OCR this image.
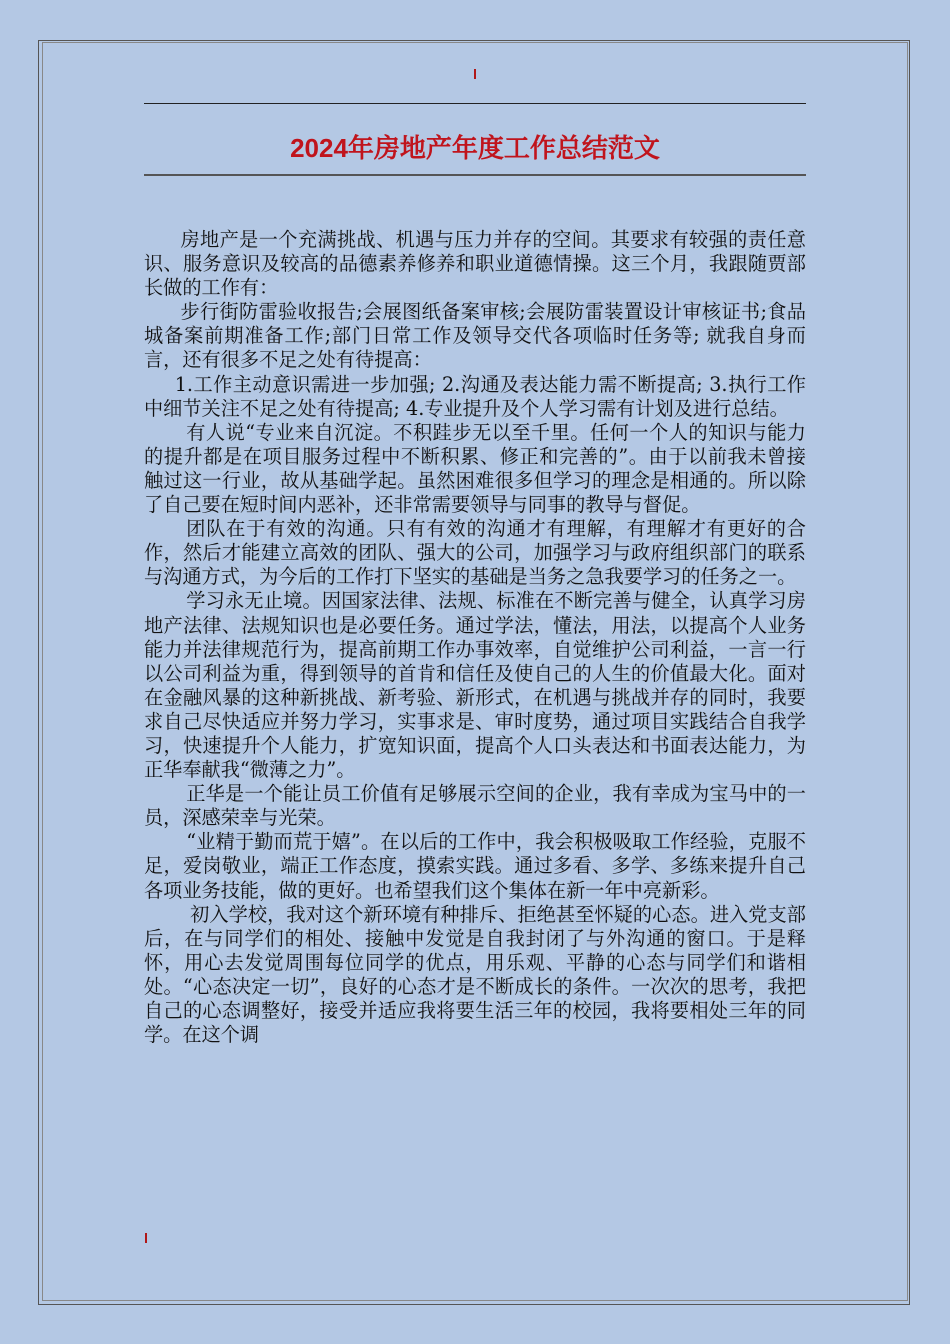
2024年房地产年度工作总结范文

房地产是一个充满挑战、机遇与压力并存的空间。其要求有较强的责任意识、服务意识及较高的品德素养修养和职业道德情操。这三个月，我跟随贾部长做的工作有：

步行街防雷验收报告;会展图纸备案审核;会展防雷装置设计审核证书;食品城备案前期准备工作;部门日常工作及领导交代各项临时任务等; 就我自身而言，还有很多不足之处有待提高：

1.工作主动意识需进一步加强; 2.沟通及表达能力需不断提高; 3.执行工作中细节关注不足之处有待提高; 4.专业提升及个人学习需有计划及进行总结。

有人说“专业来自沉淀。不积跬步无以至千里。任何一个人的知识与能力的提升都是在项目服务过程中不断积累、修正和完善的”。由于以前我未曾接触过这一行业，故从基础学起。虽然困难很多但学习的理念是相通的。所以除了自己要在短时间内恶补，还非常需要领导与同事的教导与督促。

团队在于有效的沟通。只有有效的沟通才有理解，有理解才有更好的合作，然后才能建立高效的团队、强大的公司，加强学习与政府组织部门的联系与沟通方式，为今后的工作打下坚实的基础是当务之急我要学习的任务之一。

学习永无止境。因国家法律、法规、标准在不断完善与健全，认真学习房地产法律、法规知识也是必要任务。通过学法，懂法，用法，以提高个人业务能力并法律规范行为，提高前期工作办事效率，自觉维护公司利益，一言一行以公司利益为重，得到领导的首肯和信任及使自己的人生的价值最大化。面对在金融风暴的这种新挑战、新考验、新形式，在机遇与挑战并存的同时，我要求自己尽快适应并努力学习，实事求是、审时度势，通过项目实践结合自我学习，快速提升个人能力，扩宽知识面，提高个人口头表达和书面表达能力，为正华奉献我“微薄之力”。

正华是一个能让员工价值有足够展示空间的企业，我有幸成为宝马中的一员，深感荣幸与光荣。

“业精于勤而荒于嬉”。在以后的工作中，我会积极吸取工作经验，克服不足，爱岗敬业，端正工作态度，摸索实践。通过多看、多学、多练来提升自己各项业务技能，做的更好。也希望我们这个集体在新一年中亮新彩。

初入学校，我对这个新环境有种排斥、拒绝甚至怀疑的心态。进入党支部后，在与同学们的相处、接触中发觉是自我封闭了与外沟通的窗口。于是释怀，用心去发觉周围每位同学的优点，用乐观、平静的心态与同学们和谐相处。“心态决定一切”，良好的心态才是不断成长的条件。一次次的思考，我把自己的心态调整好，接受并适应我将要生活三年的校园，我将要相处三年的同学。在这个调
